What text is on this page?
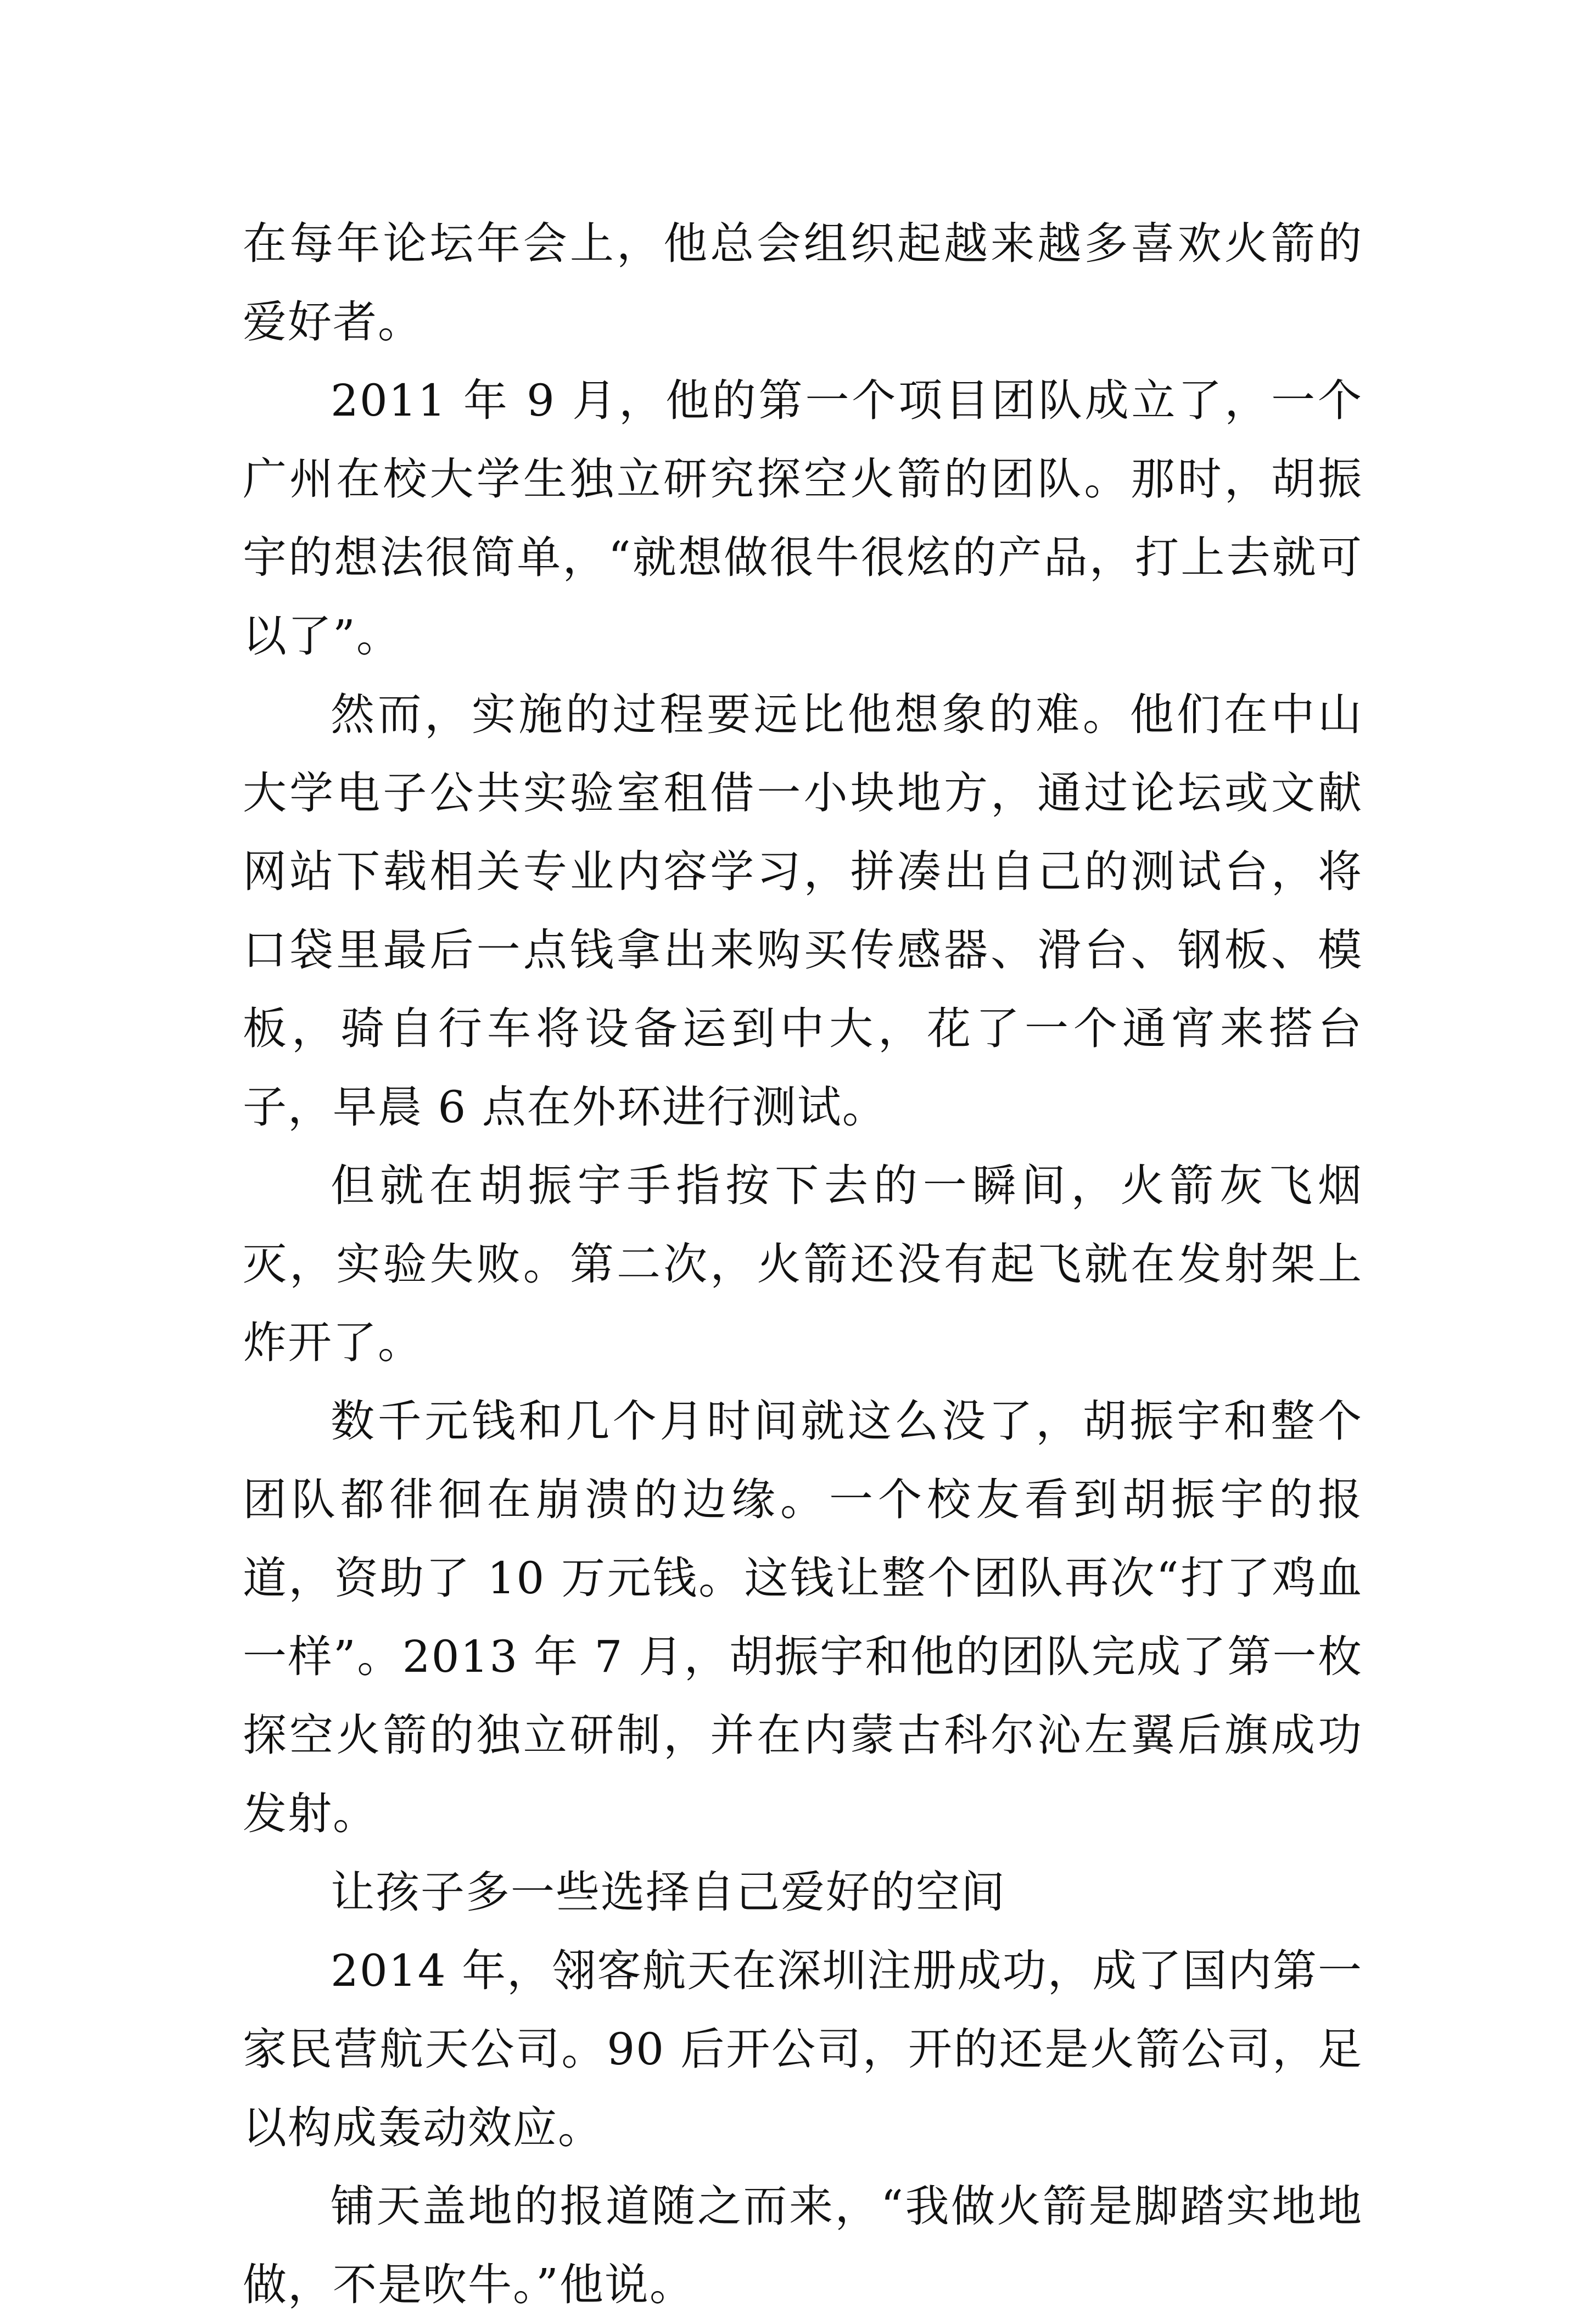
在每年论坛年会上，他总会组织起越来越多喜欢火箭的爱好者。

2011 年 9 月，他的第一个项目团队成立了，一个广州在校大学生独立研究探空火箭的团队。那时，胡振宇的想法很简单，“就想做很牛很炫的产品，打上去就可以了”。

然而，实施的过程要远比他想象的难。他们在中山大学电子公共实验室租借一小块地方，通过论坛或文献网站下载相关专业内容学习，拼凑出自己的测试台，将口袋里最后一点钱拿出来购买传感器、滑台、钢板、模板，骑自行车将设备运到中大，花了一个通宵来搭台子，早晨 6 点在外环进行测试。

但就在胡振宇手指按下去的一瞬间，火箭灰飞烟灭，实验失败。第二次，火箭还没有起飞就在发射架上炸开了。

数千元钱和几个月时间就这么没了，胡振宇和整个团队都徘徊在崩溃的边缘。一个校友看到胡振宇的报道，资助了 10 万元钱。这钱让整个团队再次“打了鸡血一样”。2013 年 7 月，胡振宇和他的团队完成了第一枚探空火箭的独立研制，并在内蒙古科尔沁左翼后旗成功发射。

让孩子多一些选择自己爱好的空间

2014 年，翎客航天在深圳注册成功，成了国内第一家民营航天公司。90 后开公司，开的还是火箭公司，足以构成轰动效应。

铺天盖地的报道随之而来，“我做火箭是脚踏实地地做，不是吹牛。”他说。
